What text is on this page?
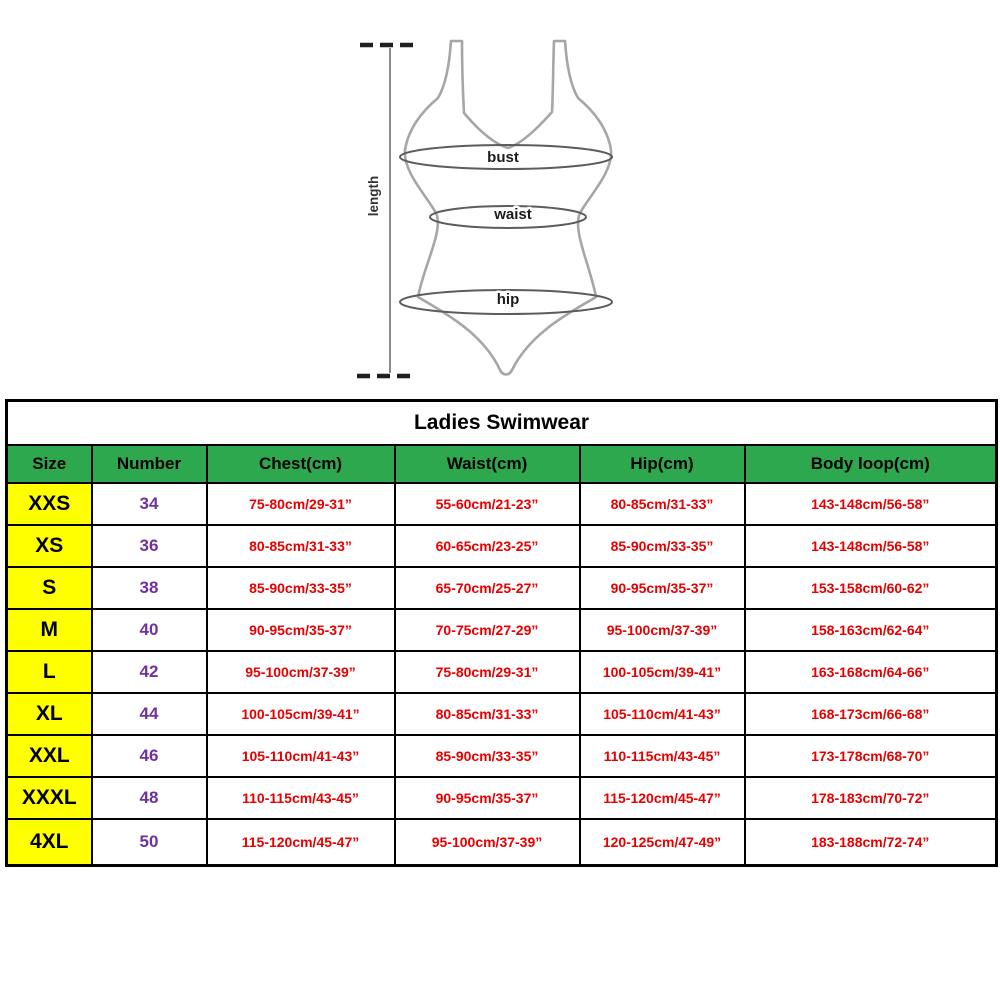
length
bust
waist
hip
Ladies Swimwear					
Size	Number	Chest(cm)	Waist(cm)	Hip(cm)	Body loop(cm)
XXS	34	75-80cm/29-31”	55-60cm/21-23”	80-85cm/31-33”	143-148cm/56-58”
XS	36	80-85cm/31-33”	60-65cm/23-25”	85-90cm/33-35”	143-148cm/56-58”
S	38	85-90cm/33-35”	65-70cm/25-27”	90-95cm/35-37”	153-158cm/60-62”
M	40	90-95cm/35-37”	70-75cm/27-29”	95-100cm/37-39”	158-163cm/62-64”
L	42	95-100cm/37-39”	75-80cm/29-31”	100-105cm/39-41”	163-168cm/64-66”
XL	44	100-105cm/39-41”	80-85cm/31-33”	105-110cm/41-43”	168-173cm/66-68”
XXL	46	105-110cm/41-43”	85-90cm/33-35”	110-115cm/43-45”	173-178cm/68-70”
XXXL	48	110-115cm/43-45”	90-95cm/35-37”	115-120cm/45-47”	178-183cm/70-72”
4XL	50	115-120cm/45-47”	95-100cm/37-39”	120-125cm/47-49”	183-188cm/72-74”
